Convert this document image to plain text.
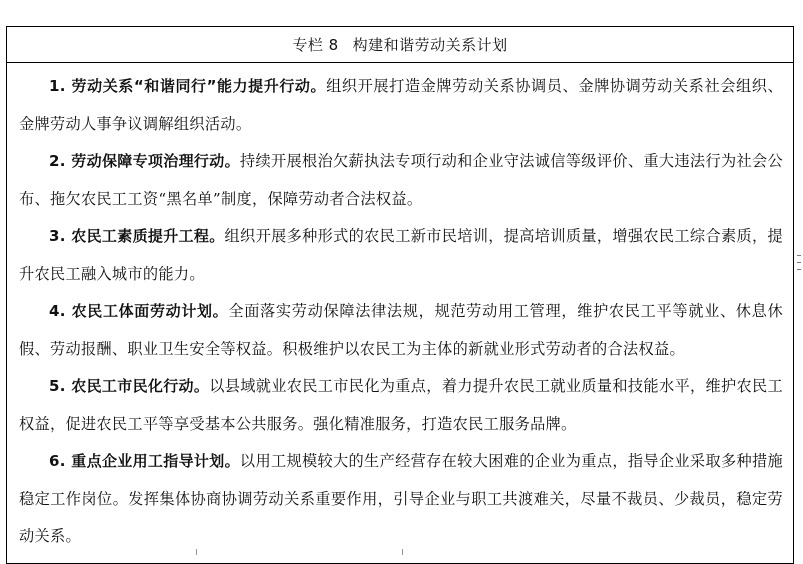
专栏 8 构建和谐劳动关系计划

1. 劳动关系“和谐同行”能力提升行动。组织开展打造金牌劳动关系协调员、金牌协调劳动关系社会组织、金牌劳动人事争议调解组织活动。

2. 劳动保障专项治理行动。持续开展根治欠薪执法专项行动和企业守法诚信等级评价、重大违法行为社会公布、拖欠农民工工资“黑名单”制度，保障劳动者合法权益。

3. 农民工素质提升工程。组织开展多种形式的农民工新市民培训，提高培训质量，增强农民工综合素质，提升农民工融入城市的能力。

4. 农民工体面劳动计划。全面落实劳动保障法律法规，规范劳动用工管理，维护农民工平等就业、休息休假、劳动报酬、职业卫生安全等权益。积极维护以农民工为主体的新就业形式劳动者的合法权益。

5. 农民工市民化行动。以县域就业农民工市民化为重点，着力提升农民工就业质量和技能水平，维护农民工权益，促进农民工平等享受基本公共服务。强化精准服务，打造农民工服务品牌。

6. 重点企业用工指导计划。以用工规模较大的生产经营存在较大困难的企业为重点，指导企业采取多种措施稳定工作岗位。发挥集体协商协调劳动关系重要作用，引导企业与职工共渡难关，尽量不裁员、少裁员，稳定劳动关系。
